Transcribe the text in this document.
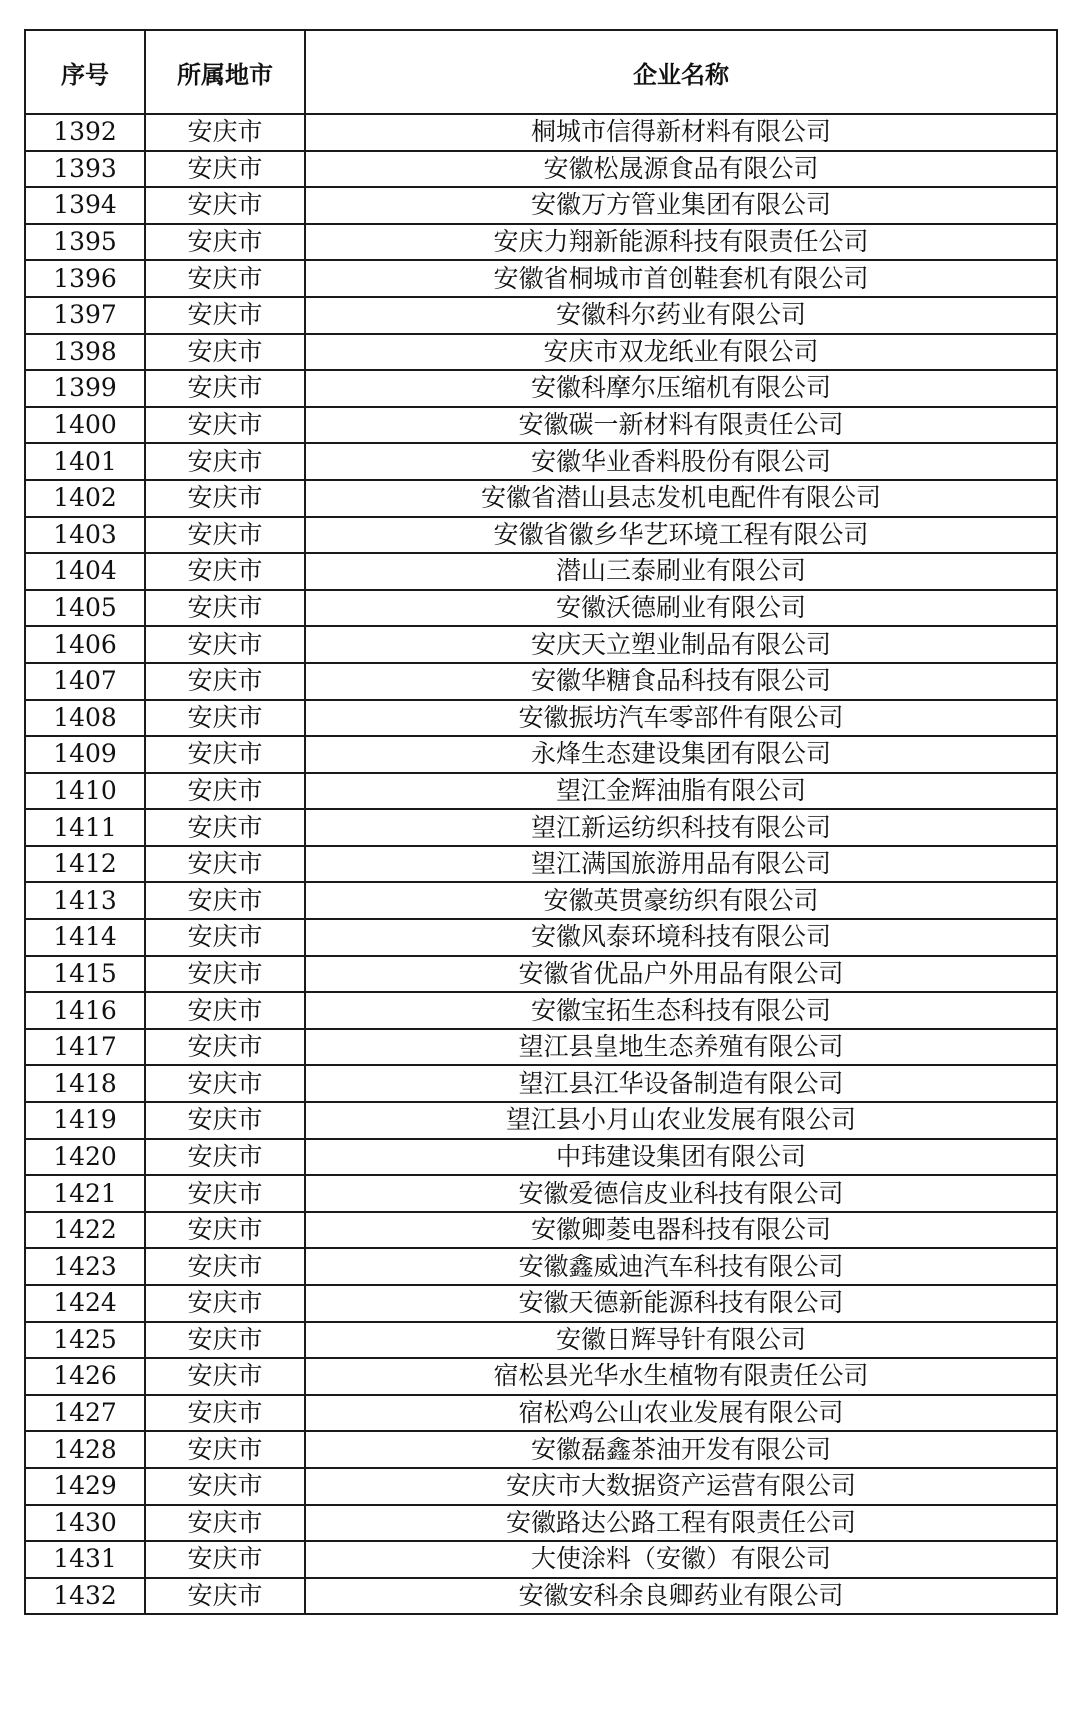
序号	所属地市	企业名称
1392	安庆市	桐城市信得新材料有限公司
1393	安庆市	安徽松晟源食品有限公司
1394	安庆市	安徽万方管业集团有限公司
1395	安庆市	安庆力翔新能源科技有限责任公司
1396	安庆市	安徽省桐城市首创鞋套机有限公司
1397	安庆市	安徽科尔药业有限公司
1398	安庆市	安庆市双龙纸业有限公司
1399	安庆市	安徽科摩尔压缩机有限公司
1400	安庆市	安徽碳一新材料有限责任公司
1401	安庆市	安徽华业香料股份有限公司
1402	安庆市	安徽省潜山县志发机电配件有限公司
1403	安庆市	安徽省徽乡华艺环境工程有限公司
1404	安庆市	潜山三泰刷业有限公司
1405	安庆市	安徽沃德刷业有限公司
1406	安庆市	安庆天立塑业制品有限公司
1407	安庆市	安徽华糖食品科技有限公司
1408	安庆市	安徽振坊汽车零部件有限公司
1409	安庆市	永烽生态建设集团有限公司
1410	安庆市	望江金辉油脂有限公司
1411	安庆市	望江新运纺织科技有限公司
1412	安庆市	望江满国旅游用品有限公司
1413	安庆市	安徽英贯豪纺织有限公司
1414	安庆市	安徽风泰环境科技有限公司
1415	安庆市	安徽省优品户外用品有限公司
1416	安庆市	安徽宝拓生态科技有限公司
1417	安庆市	望江县皇地生态养殖有限公司
1418	安庆市	望江县江华设备制造有限公司
1419	安庆市	望江县小月山农业发展有限公司
1420	安庆市	中玮建设集团有限公司
1421	安庆市	安徽爱德信皮业科技有限公司
1422	安庆市	安徽卿菱电器科技有限公司
1423	安庆市	安徽鑫威迪汽车科技有限公司
1424	安庆市	安徽天德新能源科技有限公司
1425	安庆市	安徽日辉导针有限公司
1426	安庆市	宿松县光华水生植物有限责任公司
1427	安庆市	宿松鸡公山农业发展有限公司
1428	安庆市	安徽磊鑫茶油开发有限公司
1429	安庆市	安庆市大数据资产运营有限公司
1430	安庆市	安徽路达公路工程有限责任公司
1431	安庆市	大使涂料（安徽）有限公司
1432	安庆市	安徽安科余良卿药业有限公司
